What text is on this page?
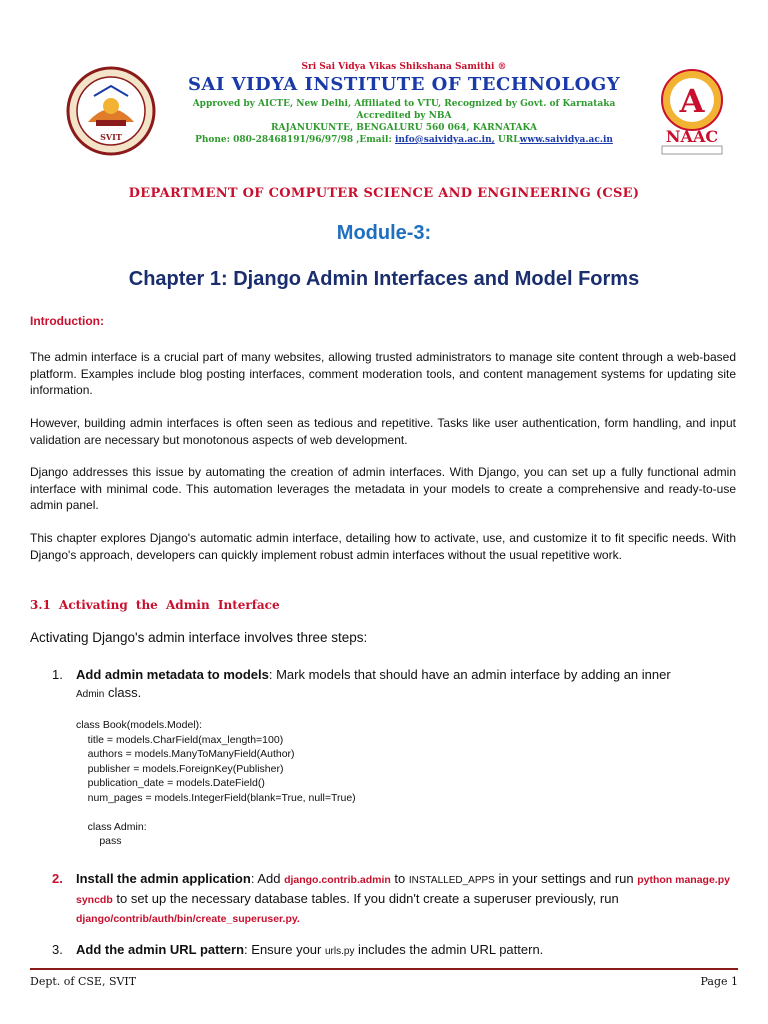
SVIT
Sri Sai Vidya Vikas Shikshana Samithi ®
SAI VIDYA INSTITUTE OF TECHNOLOGY
Approved by AICTE, New Delhi, Affiliated to VTU, Recognized by Govt. of Karnataka
Accredited by NBA
RAJANUKUNTE, BENGALURU 560 064, KARNATAKA
Phone: 080-28468191/96/97/98 ,Email: info@saividya.ac.in, URLwww.saividya.ac.in
A
NAAC
DEPARTMENT OF COMPUTER SCIENCE AND ENGINEERING (CSE)
Module-3:
Chapter 1: Django Admin Interfaces and Model Forms
Introduction:
The admin interface is a crucial part of many websites, allowing trusted administrators to manage site content through a web-based platform. Examples include blog posting interfaces, comment moderation tools, and content management systems for updating site information.
However, building admin interfaces is often seen as tedious and repetitive. Tasks like user authentication, form handling, and input validation are necessary but monotonous aspects of web development.
Django addresses this issue by automating the creation of admin interfaces. With Django, you can set up a fully functional admin interface with minimal code. This automation leverages the metadata in your models to create a comprehensive and ready-to-use admin panel.
This chapter explores Django's automatic admin interface, detailing how to activate, use, and customize it to fit specific needs. With Django's approach, developers can quickly implement robust admin interfaces without the usual repetitive work.
3.1 Activating the Admin Interface
Activating Django's admin interface involves three steps:
1.	Add admin metadata to models: Mark models that should have an admin interface by adding an inner
Admin class.
class Book(models.Model):
title = models.CharField(max_length=100)
authors = models.ManyToManyField(Author)
publisher = models.ForeignKey(Publisher)
publication_date = models.DateField()
num_pages = models.IntegerField(blank=True, null=True)

class Admin:
pass
2.	Install the admin application: Add django.contrib.admin to INSTALLED_APPS in your settings and run python manage.py syncdb to set up the necessary database tables. If you didn't create a superuser previously, run django/contrib/auth/bin/create_superuser.py.
3.	Add the admin URL pattern: Ensure your urls.py includes the admin URL pattern.
Dept. of CSE, SVIT	Page 1
